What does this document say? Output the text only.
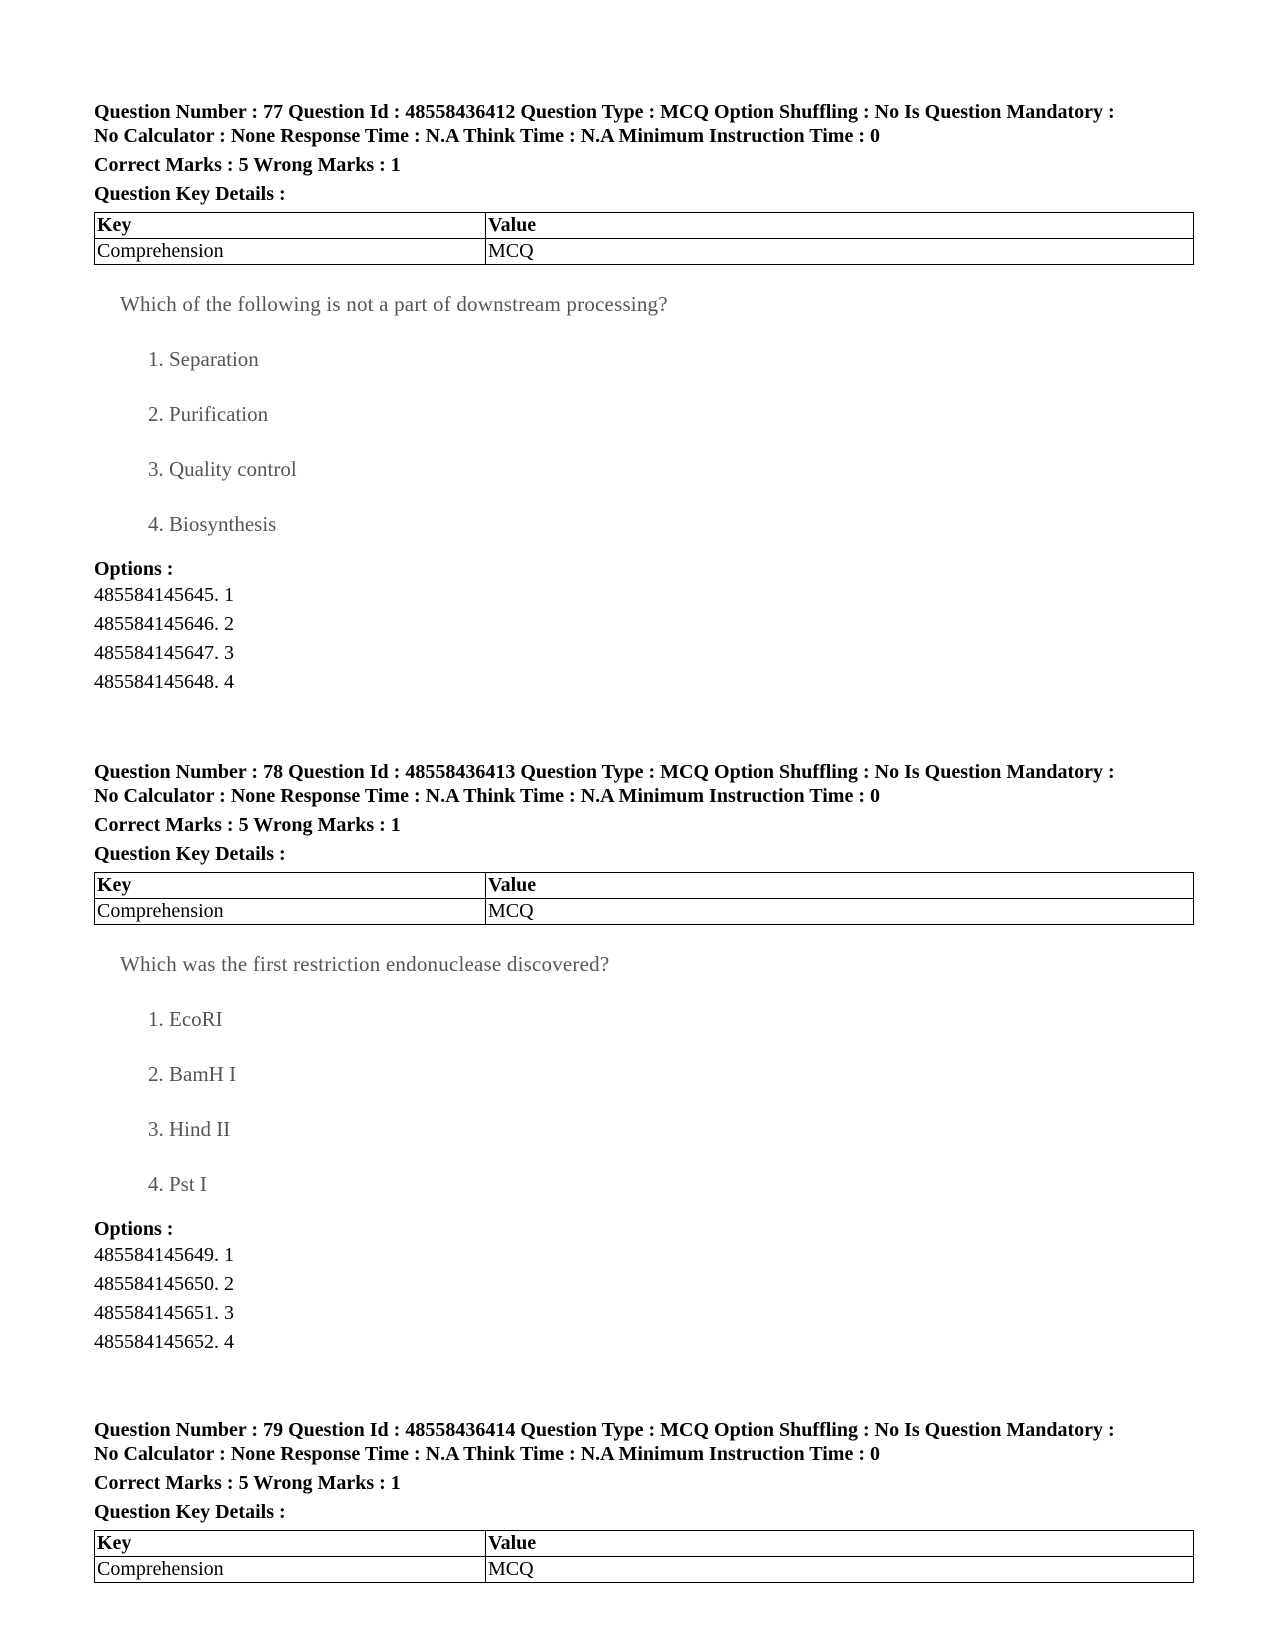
Question Number : 77 Question Id : 48558436412 Question Type : MCQ Option Shuffling : No Is Question Mandatory :
No Calculator : None Response Time : N.A Think Time : N.A Minimum Instruction Time : 0
Correct Marks : 5 Wrong Marks : 1
Question Key Details :
Key	Value
Comprehension	MCQ
Which of the following is not a part of downstream processing?
1. Separation
2. Purification
3. Quality control
4. Biosynthesis
Options :
485584145645. 1
485584145646. 2
485584145647. 3
485584145648. 4
Question Number : 78 Question Id : 48558436413 Question Type : MCQ Option Shuffling : No Is Question Mandatory :
No Calculator : None Response Time : N.A Think Time : N.A Minimum Instruction Time : 0
Correct Marks : 5 Wrong Marks : 1
Question Key Details :
Key	Value
Comprehension	MCQ
Which was the first restriction endonuclease discovered?
1. EcoRI
2. BamH I
3. Hind II
4. Pst I
Options :
485584145649. 1
485584145650. 2
485584145651. 3
485584145652. 4
Question Number : 79 Question Id : 48558436414 Question Type : MCQ Option Shuffling : No Is Question Mandatory :
No Calculator : None Response Time : N.A Think Time : N.A Minimum Instruction Time : 0
Correct Marks : 5 Wrong Marks : 1
Question Key Details :
Key	Value
Comprehension	MCQ
